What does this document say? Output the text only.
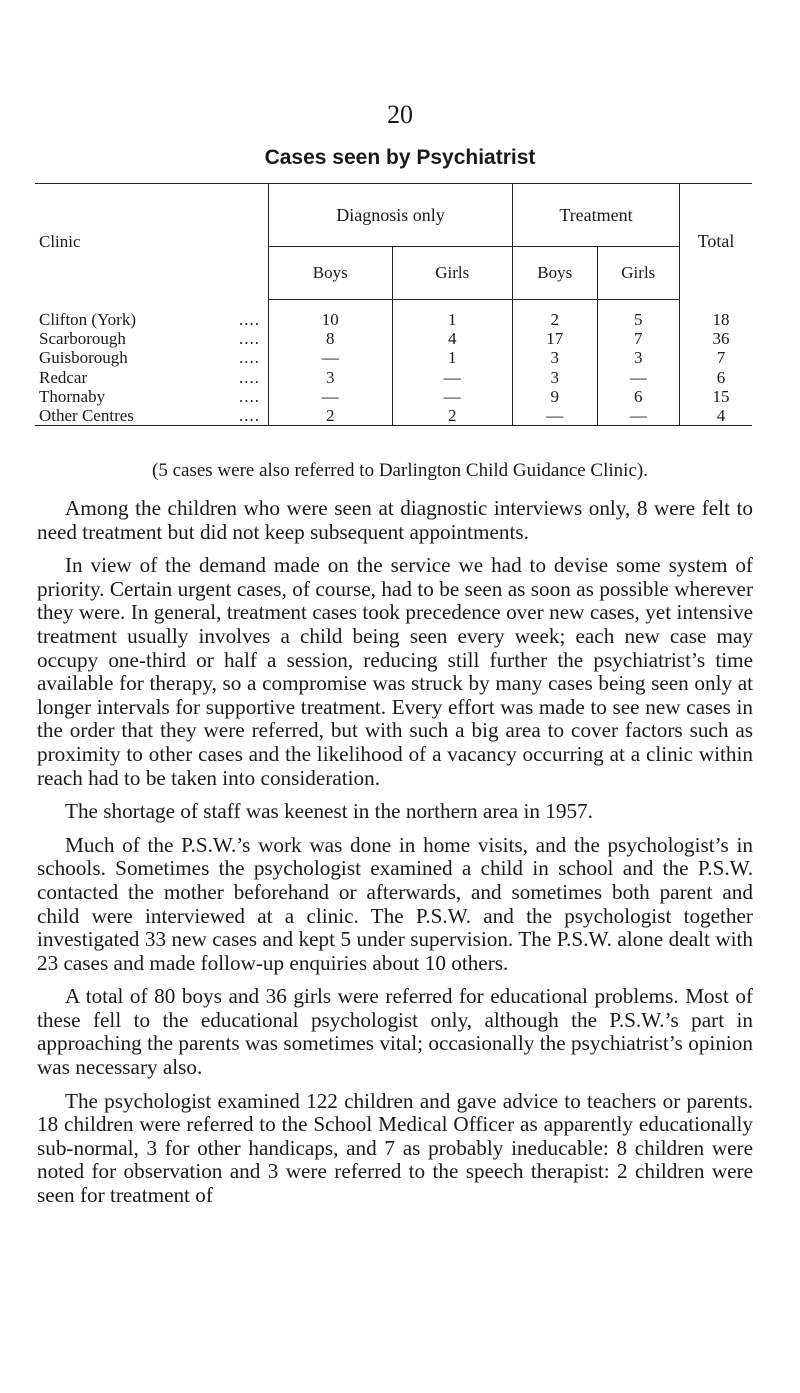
20
Cases seen by Psychiatrist
Clinic	Diagnosis only		Treatment		Total
	Boys	Girls	Boys	Girls	
Clifton (York) ....	10	1	2	5	18
Scarborough ....	8	4	17	7	36
Guisborough ....	—	1	3	3	7
Redcar ....	3	—	3	—	6
Thornaby ....	—	—	9	6	15
Other Centres ....	2	2	—	—	4
(5 cases were also referred to Darlington Child Guidance Clinic).

Among the children who were seen at diagnostic interviews only, 8 were felt to need treatment but did not keep subsequent appointments.

In view of the demand made on the service we had to devise some system of priority. Certain urgent cases, of course, had to be seen as soon as possible wherever they were. In general, treatment cases took precedence over new cases, yet intensive treatment usually involves a child being seen every week; each new case may occupy one-third or half a session, reducing still further the psychiatrist’s time available for therapy, so a compromise was struck by many cases being seen only at longer intervals for supportive treatment. Every effort was made to see new cases in the order that they were referred, but with such a big area to cover factors such as proximity to other cases and the likelihood of a vacancy occurring at a clinic within reach had to be taken into consideration.

The shortage of staff was keenest in the northern area in 1957.

Much of the P.S.W.’s work was done in home visits, and the psychologist’s in schools. Sometimes the psychologist examined a child in school and the P.S.W. contacted the mother beforehand or afterwards, and sometimes both parent and child were interviewed at a clinic. The P.S.W. and the psychologist together investigated 33 new cases and kept 5 under supervision. The P.S.W. alone dealt with 23 cases and made follow-up enquiries about 10 others.

A total of 80 boys and 36 girls were referred for educational problems. Most of these fell to the educational psychologist only, although the P.S.W.’s part in approaching the parents was sometimes vital; occasionally the psychiatrist’s opinion was necessary also.

The psychologist examined 122 children and gave advice to teachers or parents. 18 children were referred to the School Medical Officer as apparently educationally sub-normal, 3 for other handicaps, and 7 as probably ineducable: 8 children were noted for observation and 3 were referred to the speech therapist: 2 children were seen for treatment of
